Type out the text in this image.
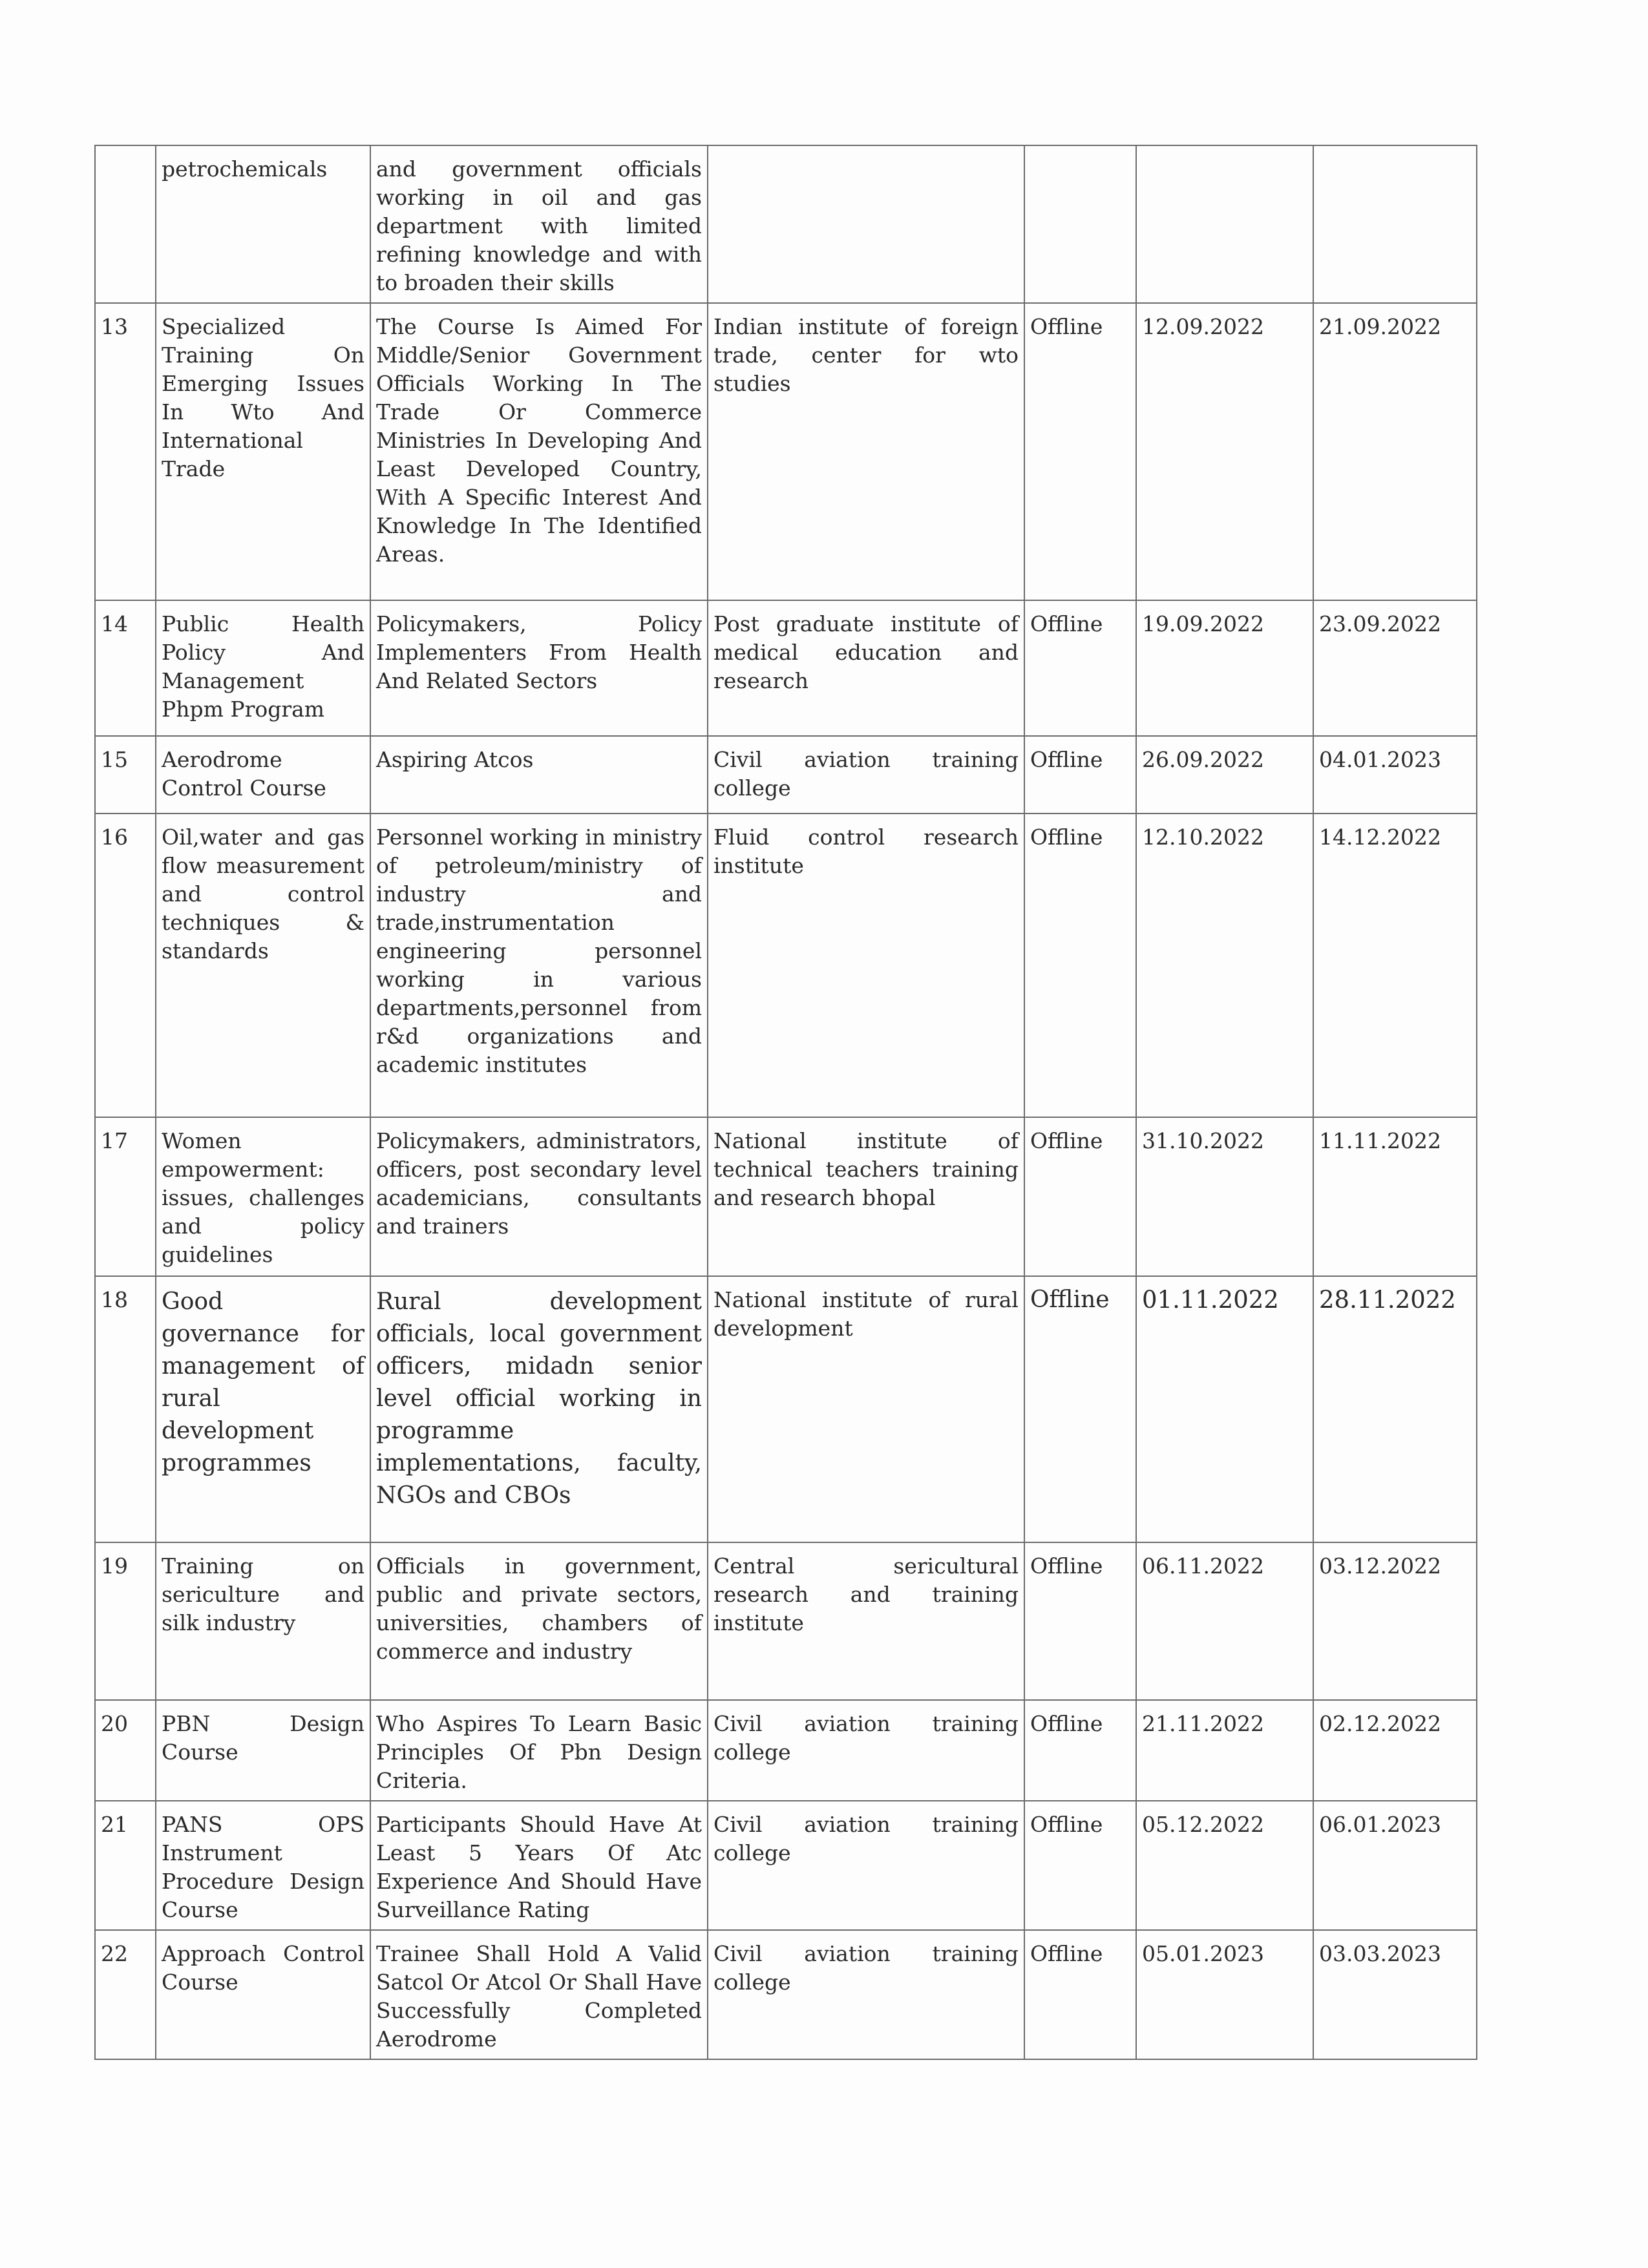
	petrochemicals	and government officials working in oil and gas department with limited refining knowledge and with to broaden their skills				
13	Specialized Training On Emerging Issues In Wto And International Trade	The Course Is Aimed For Middle/Senior Government Officials Working In The Trade Or Commerce Ministries In Developing And Least Developed Country, With A Specific Interest And Knowledge In The Identified Areas.	Indian institute of foreign trade, center for wto studies	Offline	12.09.2022	21.09.2022
14	Public Health Policy And Management Phpm Program	Policymakers, Policy Implementers From Health And Related Sectors	Post graduate institute of medical education and research	Offline	19.09.2022	23.09.2022
15	Aerodrome Control Course	Aspiring Atcos	Civil aviation training college	Offline	26.09.2022	04.01.2023
16	Oil,water and gas flow measurement and control techniques & standards	Personnel working in ministry of petroleum/ministry of industry and trade,instrumentation engineering personnel working in various departments,personnel from r&d organizations and academic institutes	Fluid control research institute	Offline	12.10.2022	14.12.2022
17	Women empowerment: issues, challenges and policy guidelines	Policymakers, administrators, officers, post secondary level academicians, consultants and trainers	National institute of technical teachers training and research bhopal	Offline	31.10.2022	11.11.2022
18	Good governance for management of rural development programmes	Rural development officials, local government officers, midadn senior level official working in programme implementations, faculty, NGOs and CBOs	National institute of rural development	Offline	01.11.2022	28.11.2022
19	Training on sericulture and silk industry	Officials in government, public and private sectors, universities, chambers of commerce and industry	Central sericultural research and training institute	Offline	06.11.2022	03.12.2022
20	PBN Design Course	Who Aspires To Learn Basic Principles Of Pbn Design Criteria.	Civil aviation training college	Offline	21.11.2022	02.12.2022
21	PANS OPS Instrument Procedure Design Course	Participants Should Have At Least 5 Years Of Atc Experience And Should Have Surveillance Rating	Civil aviation training college	Offline	05.12.2022	06.01.2023
22	Approach Control Course	Trainee Shall Hold A Valid Satcol Or Atcol Or Shall Have Successfully Completed Aerodrome	Civil aviation training college	Offline	05.01.2023	03.03.2023
